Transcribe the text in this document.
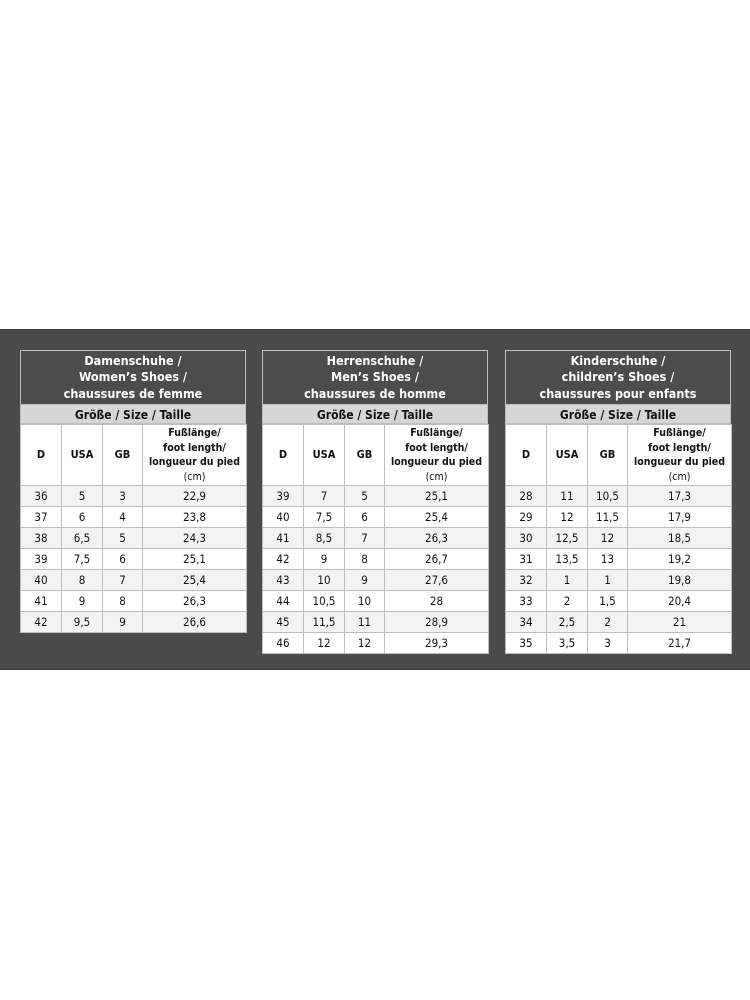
Damenschuhe /
Women’s Shoes /
chaussures de femme
Größe / Size / Taille
D	USA	GB	Fußlänge/
foot length/
longueur du pied
(cm)

36	5	3	22,9
37	6	4	23,8
38	6,5	5	24,3
39	7,5	6	25,1
40	8	7	25,4
41	9	8	26,3
42	9,5	9	26,6
Herrenschuhe /
Men’s Shoes /
chaussures de homme
Größe / Size / Taille
D	USA	GB	Fußlänge/
foot length/
longueur du pied
(cm)

39	7	5	25,1
40	7,5	6	25,4
41	8,5	7	26,3
42	9	8	26,7
43	10	9	27,6
44	10,5	10	28
45	11,5	11	28,9
46	12	12	29,3
Kinderschuhe /
children’s Shoes /
chaussures pour enfants
Größe / Size / Taille
D	USA	GB	Fußlänge/
foot length/
longueur du pied
(cm)

28	11	10,5	17,3
29	12	11,5	17,9
30	12,5	12	18,5
31	13,5	13	19,2
32	1	1	19,8
33	2	1,5	20,4
34	2,5	2	21
35	3,5	3	21,7
